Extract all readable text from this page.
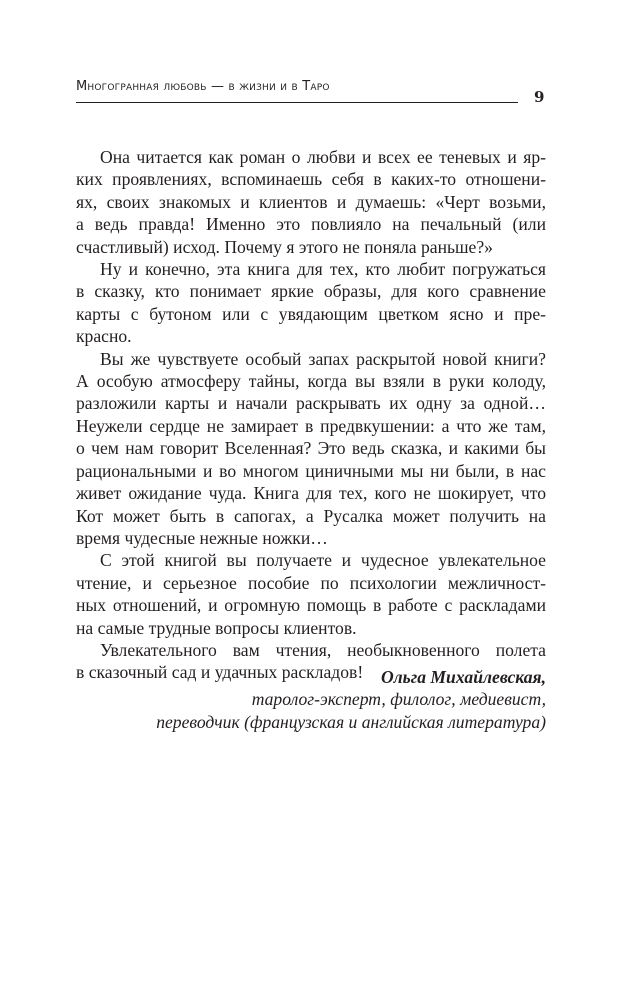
Многогранная любовь — в жизни и в Таро
9

Она читается как роман о любви и всех ее теневых и яр-
ких проявлениях, вспоминаешь себя в каких-то отношени-
ях, своих знакомых и клиентов и думаешь: «Черт возьми,
а ведь правда! Именно это повлияло на печальный (или
счастливый) исход. Почему я этого не поняла раньше?»

Ну и конечно, эта книга для тех, кто любит погружаться
в сказку, кто понимает яркие образы, для кого сравнение
карты с бутоном или с увядающим цветком ясно и пре-
красно.

Вы же чувствуете особый запах раскрытой новой книги?
А особую атмосферу тайны, когда вы взяли в руки колоду,
разложили карты и начали раскрывать их одну за одной…
Неужели сердце не замирает в предвкушении: а что же там,
о чем нам говорит Вселенная? Это ведь сказка, и какими бы
рациональными и во многом циничными мы ни были, в нас
живет ожидание чуда. Книга для тех, кого не шокирует, что
Кот может быть в сапогах, а Русалка может получить на
время чудесные нежные ножки…

С этой книгой вы получаете и чудесное увлекательное
чтение, и серьезное пособие по психологии межличност-
ных отношений, и огромную помощь в работе с раскладами
на самые трудные вопросы клиентов.

Увлекательного вам чтения, необыкновенного полета
в сказочный сад и удачных раскладов!	Ольга Михайлевская,
таролог-эксперт, филолог, медиевист,
переводчик (французская и английская литература)
